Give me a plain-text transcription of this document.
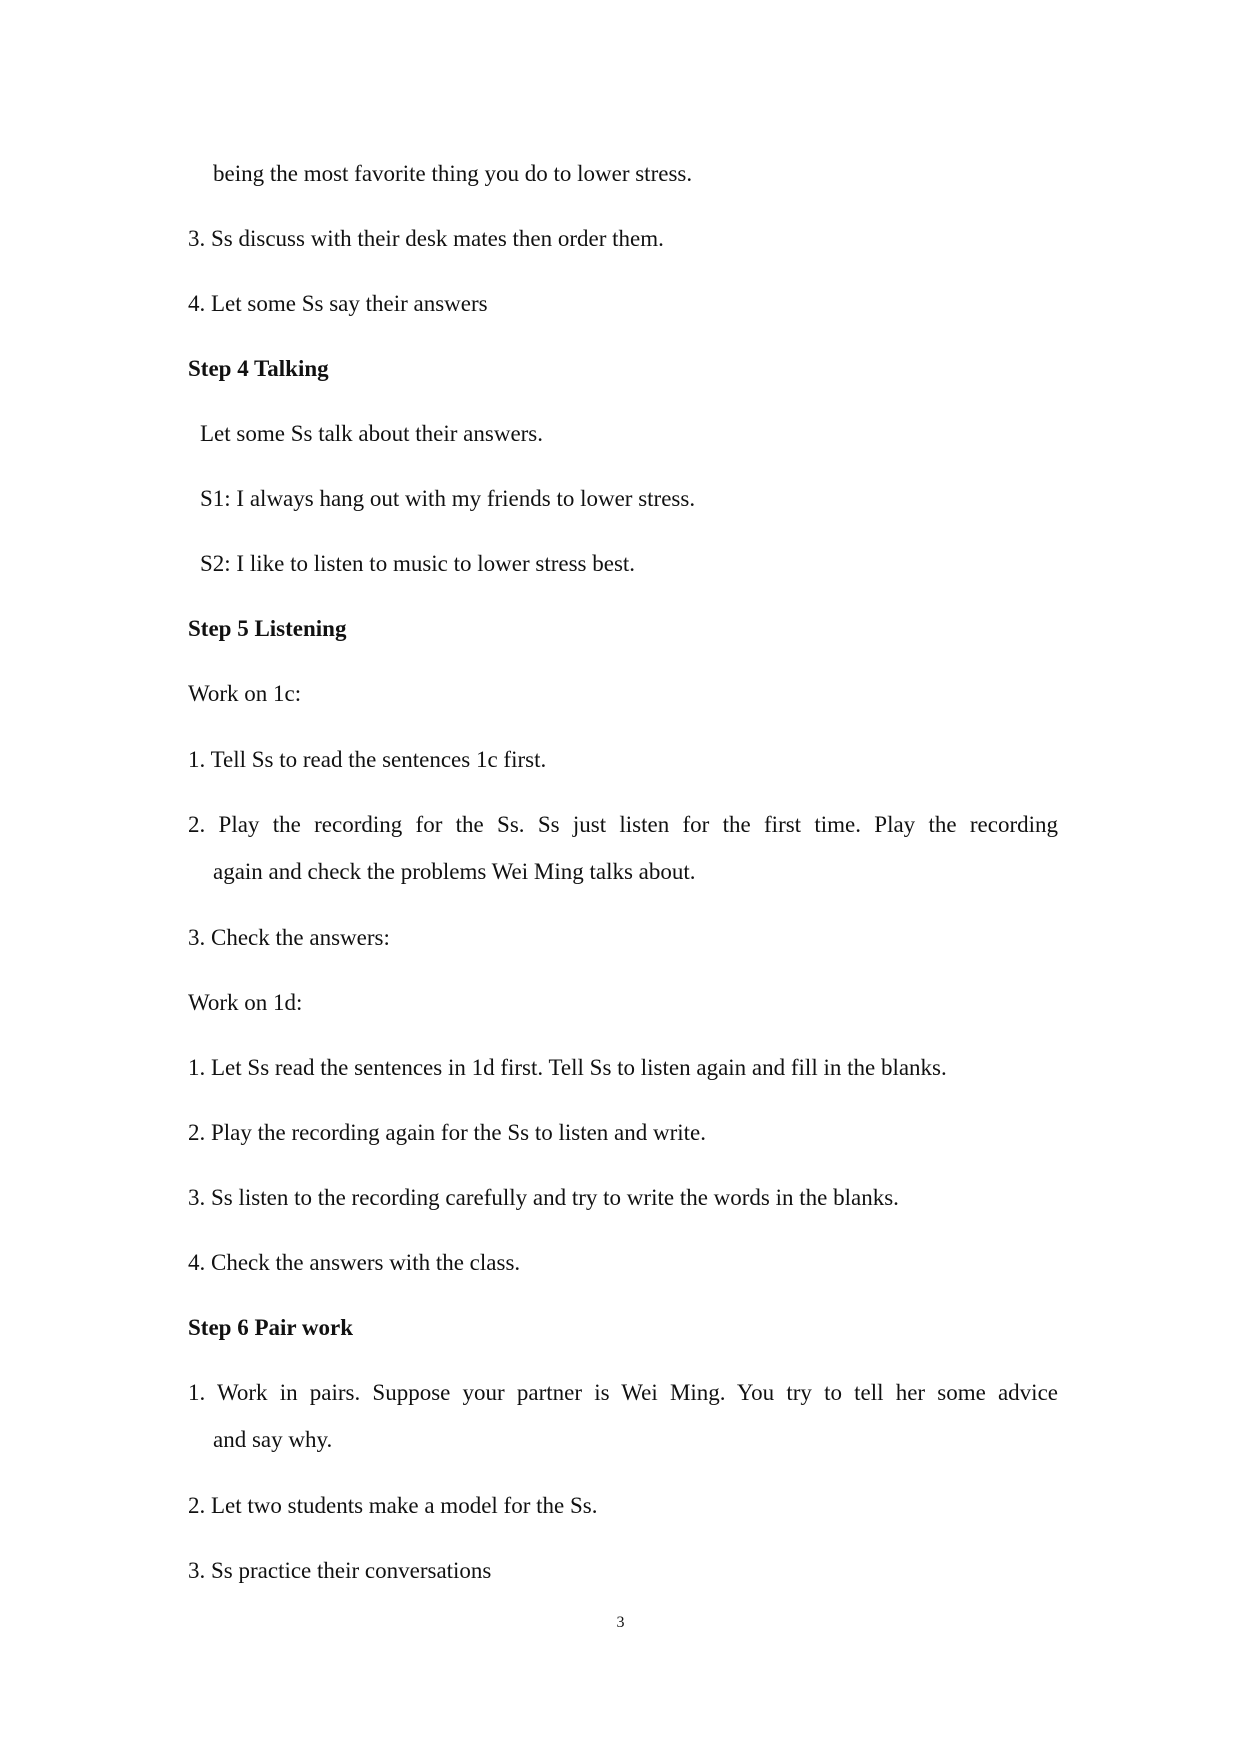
being the most favorite thing you do to lower stress.
3. Ss discuss with their desk mates then order them.
4. Let some Ss say their answers
Step 4 Talking
Let some Ss talk about their answers.
S1: I always hang out with my friends to lower stress.
S2: I like to listen to music to lower stress best.
Step 5 Listening
Work on 1c:
1. Tell Ss to read the sentences 1c first.
2. Play the recording for the Ss. Ss just listen for the first time. Play the recording
again and check the problems Wei Ming talks about.
3. Check the answers:
Work on 1d:
1. Let Ss read the sentences in 1d first. Tell Ss to listen again and fill in the blanks.
2. Play the recording again for the Ss to listen and write.
3. Ss listen to the recording carefully and try to write the words in the blanks.
4. Check the answers with the class.
Step 6 Pair work
1. Work in pairs. Suppose your partner is Wei Ming. You try to tell her some advice
and say why.
2. Let two students make a model for the Ss.
3. Ss practice their conversations
3
